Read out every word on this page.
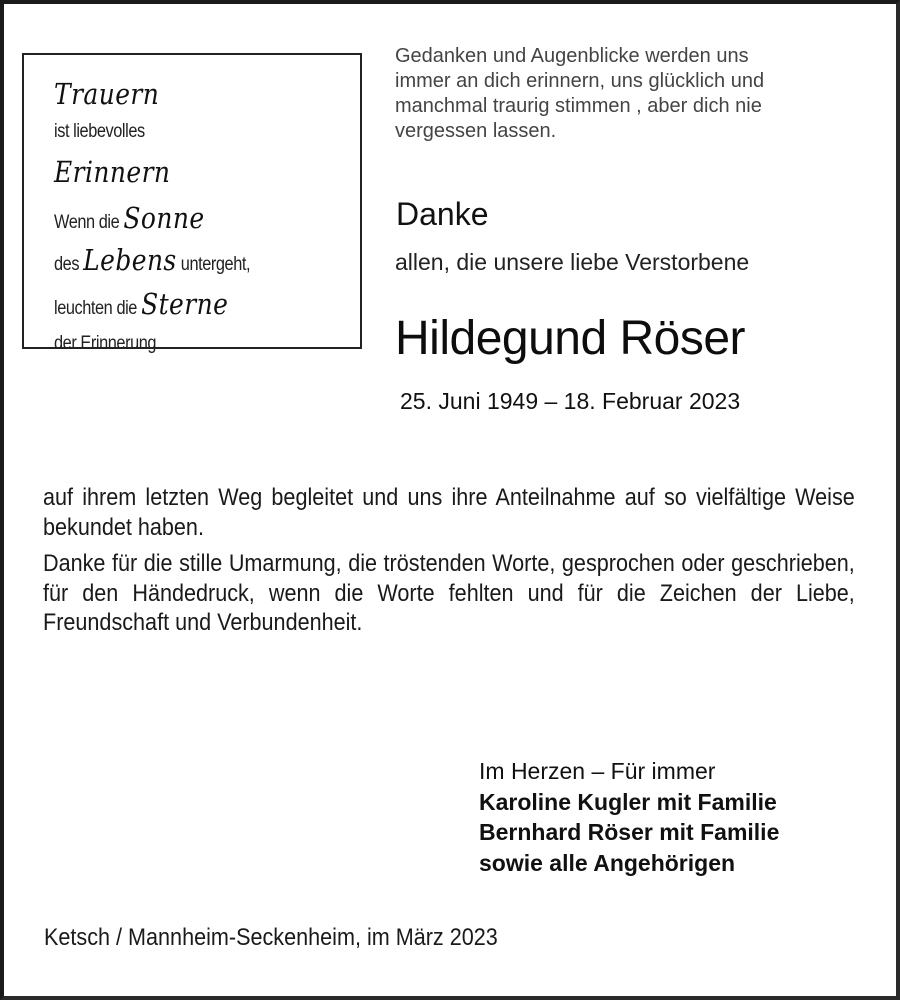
Trauern
ist liebevolles
Erinnern
Wenn die Sonne
des Lebens untergeht,
leuchten die Sterne
der Erinnerung.
Gedanken und Augenblicke werden uns
immer an dich erinnern, uns glücklich und
manchmal traurig stimmen , aber dich nie
vergessen lassen.
Danke
allen, die unsere liebe Verstorbene
Hildegund Röser
25. Juni 1949 – 18. Februar 2023
auf ihrem letzten Weg begleitet und uns ihre Anteilnahme auf so vielfältige Weise bekundet haben.
Danke für die stille Umarmung, die tröstenden Worte, gesprochen oder geschrieben, für den Händedruck, wenn die Worte fehlten und für die Zeichen der Liebe, Freundschaft und Verbundenheit.
Im Herzen – Für immer
Karoline Kugler mit Familie
Bernhard Röser mit Familie
sowie alle Angehörigen
Ketsch / Mannheim-Seckenheim, im März 2023
